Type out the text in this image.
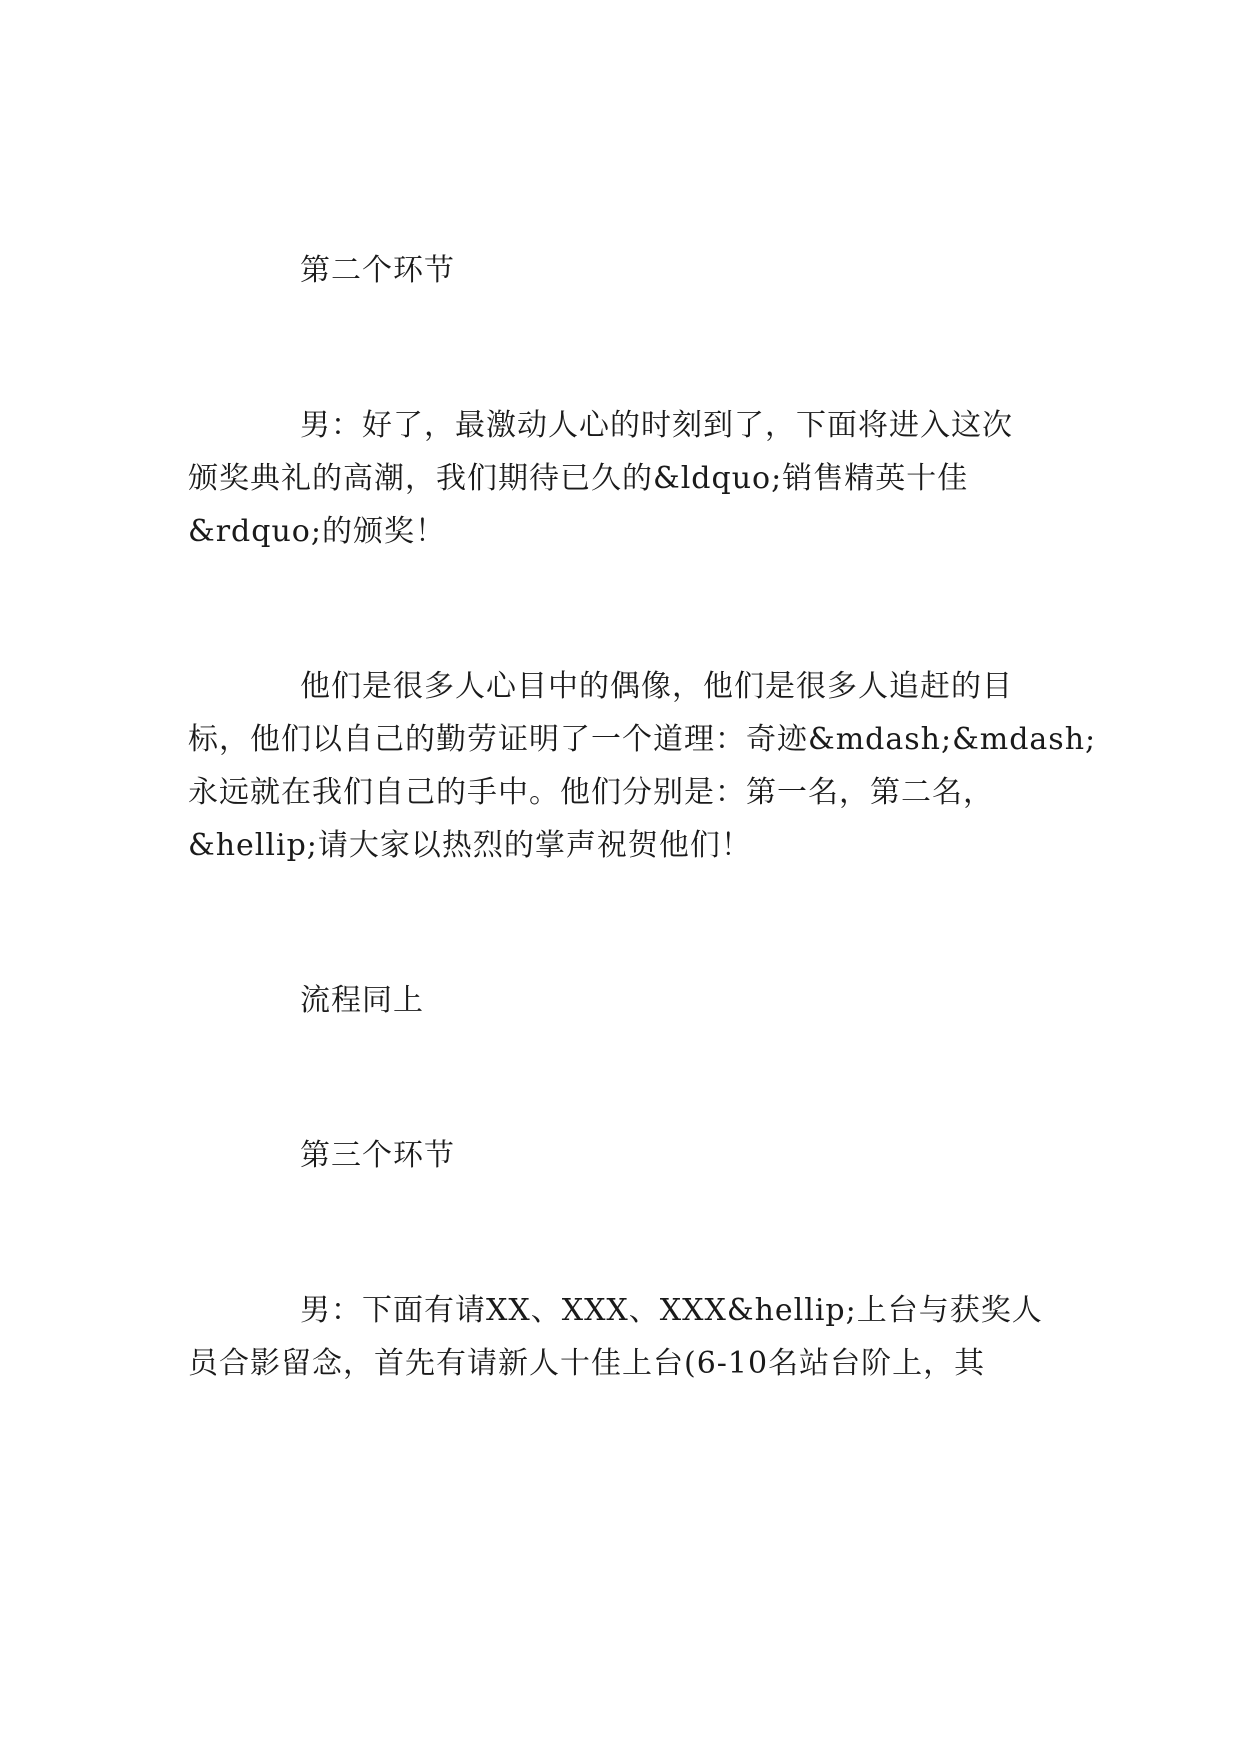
第二个环节
男：好了，最激动人心的时刻到了，下面将进入这次
颁奖典礼的高潮，我们期待已久的&ldquo;销售精英十佳
&rdquo;的颁奖！
他们是很多人心目中的偶像，他们是很多人追赶的目
标，他们以自己的勤劳证明了一个道理：奇迹&mdash;&mdash;
永远就在我们自己的手中。他们分别是：第一名，第二名，
&hellip;请大家以热烈的掌声祝贺他们！
流程同上
第三个环节
男：下面有请XX、XXX、XXX&hellip;上台与获奖人
员合影留念，首先有请新人十佳上台(6-10名站台阶上，其
